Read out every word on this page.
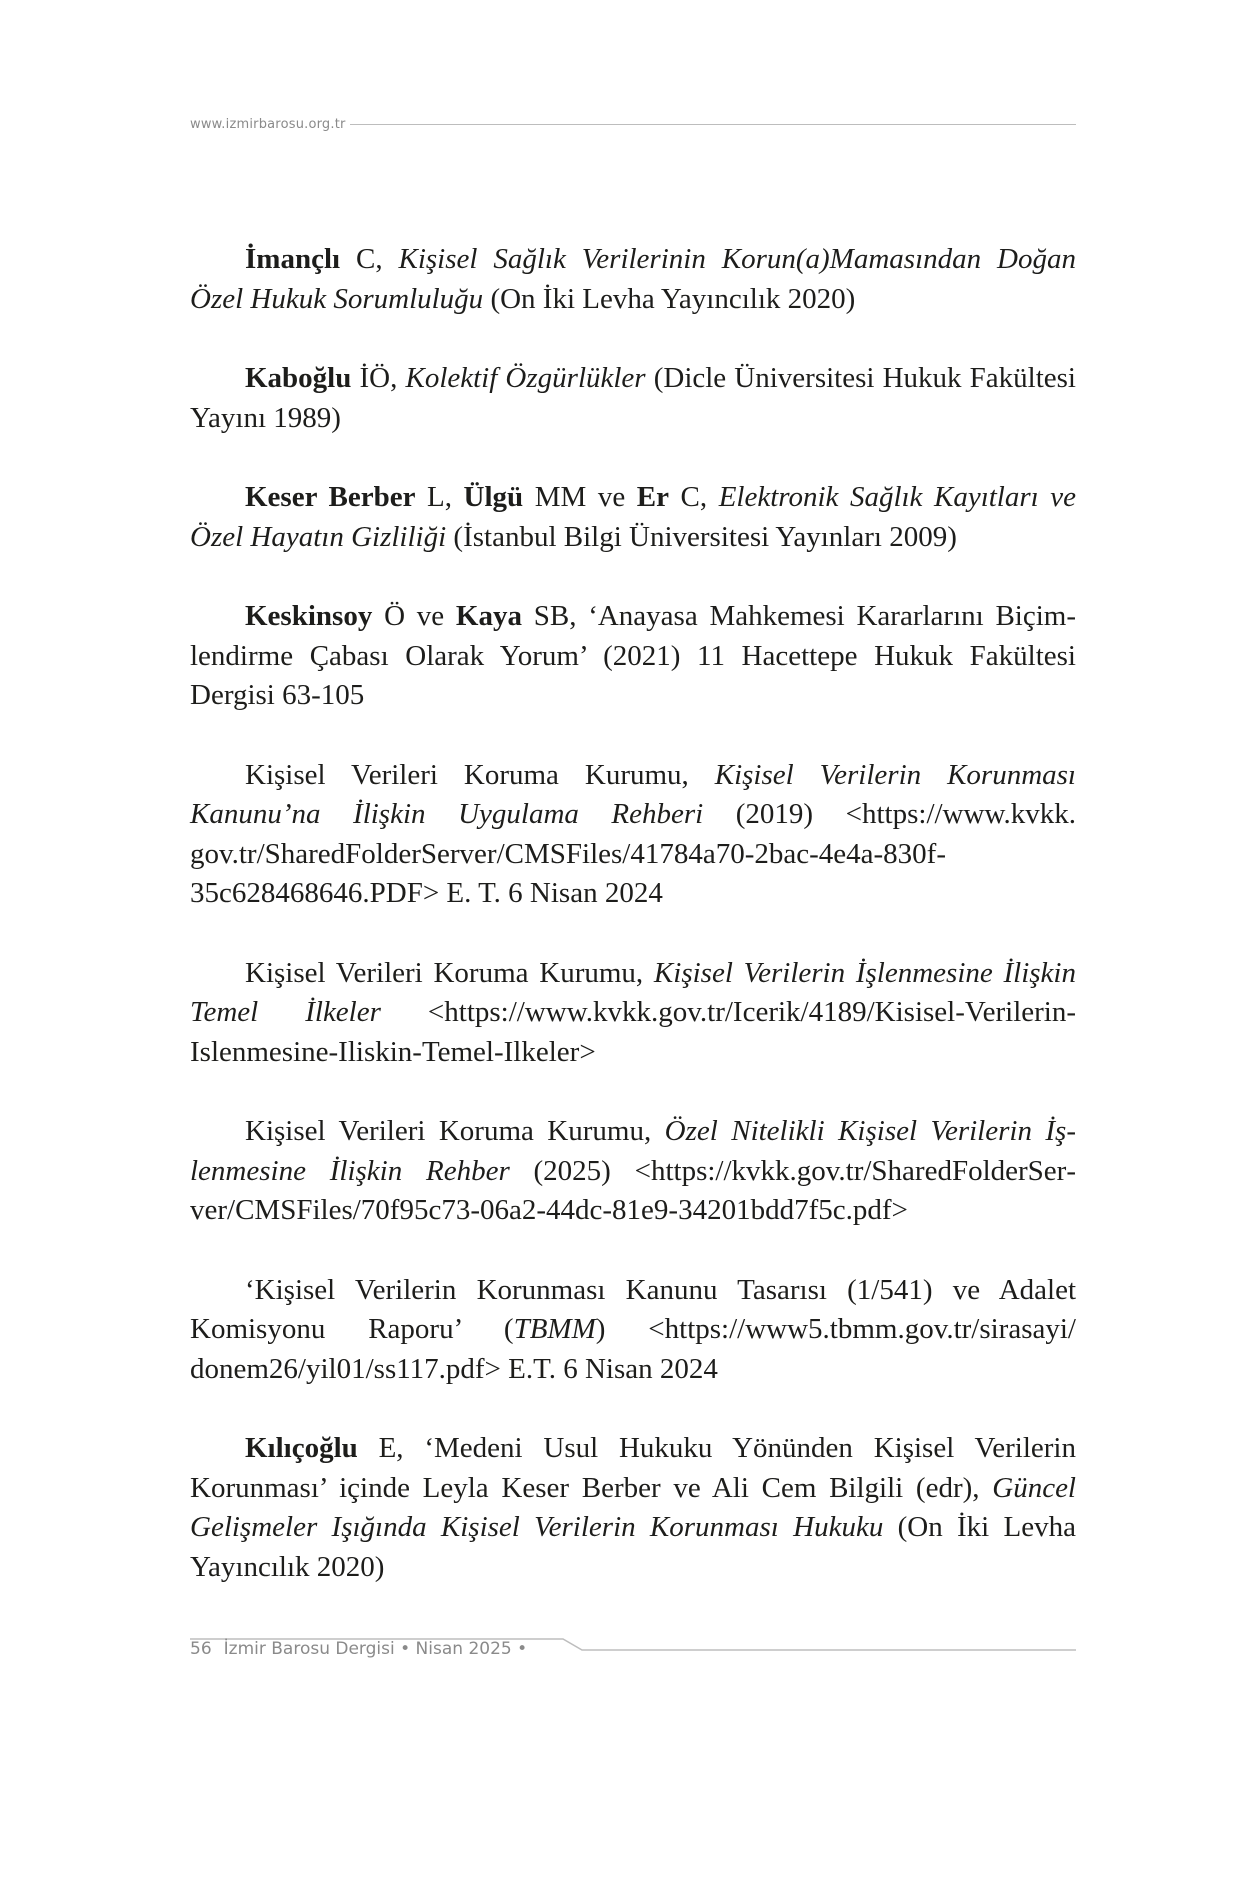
www.izmirbarosu.org.tr

İmançlı C, Kişisel Sağlık Verilerinin Korun(a)Mamasından Doğan Özel Hukuk Sorumluluğu (On İki Levha Yayıncılık 2020)

Kaboğlu İÖ, Kolektif Özgürlükler (Dicle Üniversitesi Hukuk Fakültesi Yayını 1989)

Keser Berber L, Ülgü MM ve Er C, Elektronik Sağlık Kayıtları ve Özel Hayatın Gizliliği (İstanbul Bilgi Üniversitesi Yayınları 2009)

Keskinsoy Ö ve Kaya SB, ‘Anayasa Mahkemesi Kararlarını Biçimlendirme Çabası Olarak Yorum’ (2021) 11 Hacettepe Hukuk Fakültesi Dergisi 63-105

Kişisel Verileri Koruma Kurumu, Kişisel Verilerin Korunması Kanunu’na İlişkin Uygulama Rehberi (2019) <https://www.kvkk.​gov.tr/SharedFolderServer/CMSFiles/41784a70-2bac-4e4a-830f-​35c628468646.PDF> E. T. 6 Nisan 2024

Kişisel Verileri Koruma Kurumu, Kişisel Verilerin İşlenmesine İlişkin Temel İlkeler <https://www.kvkk.gov.tr/Icerik/4189/Kisisel-Verilerin-Islenmesine-Iliskin-Temel-Ilkeler>

Kişisel Verileri Koruma Kurumu, Özel Nitelikli Kişisel Verilerin İşlenmesine İlişkin Rehber (2025) <https://kvkk.gov.tr/SharedFolderServer/CMSFiles/70f95c73-06a2-44dc-81e9-34201bdd7f5c.pdf>

‘Kişisel Verilerin Korunması Kanunu Tasarısı (1/541) ve Adalet Komisyonu Raporu’ (TBMM) <https://www5.tbmm.gov.tr/sirasayi/​donem26/yil01/ss117.pdf> E.T. 6 Nisan 2024

Kılıçoğlu E, ‘Medeni Usul Hukuku Yönünden Kişisel Verilerin Korunması’ içinde Leyla Keser Berber ve Ali Cem Bilgili (edr), Güncel Gelişmeler Işığında Kişisel Verilerin Korunması Hukuku (On İki Levha Yayıncılık 2020)

56 İzmir Barosu Dergisi • Nisan 2025 •
